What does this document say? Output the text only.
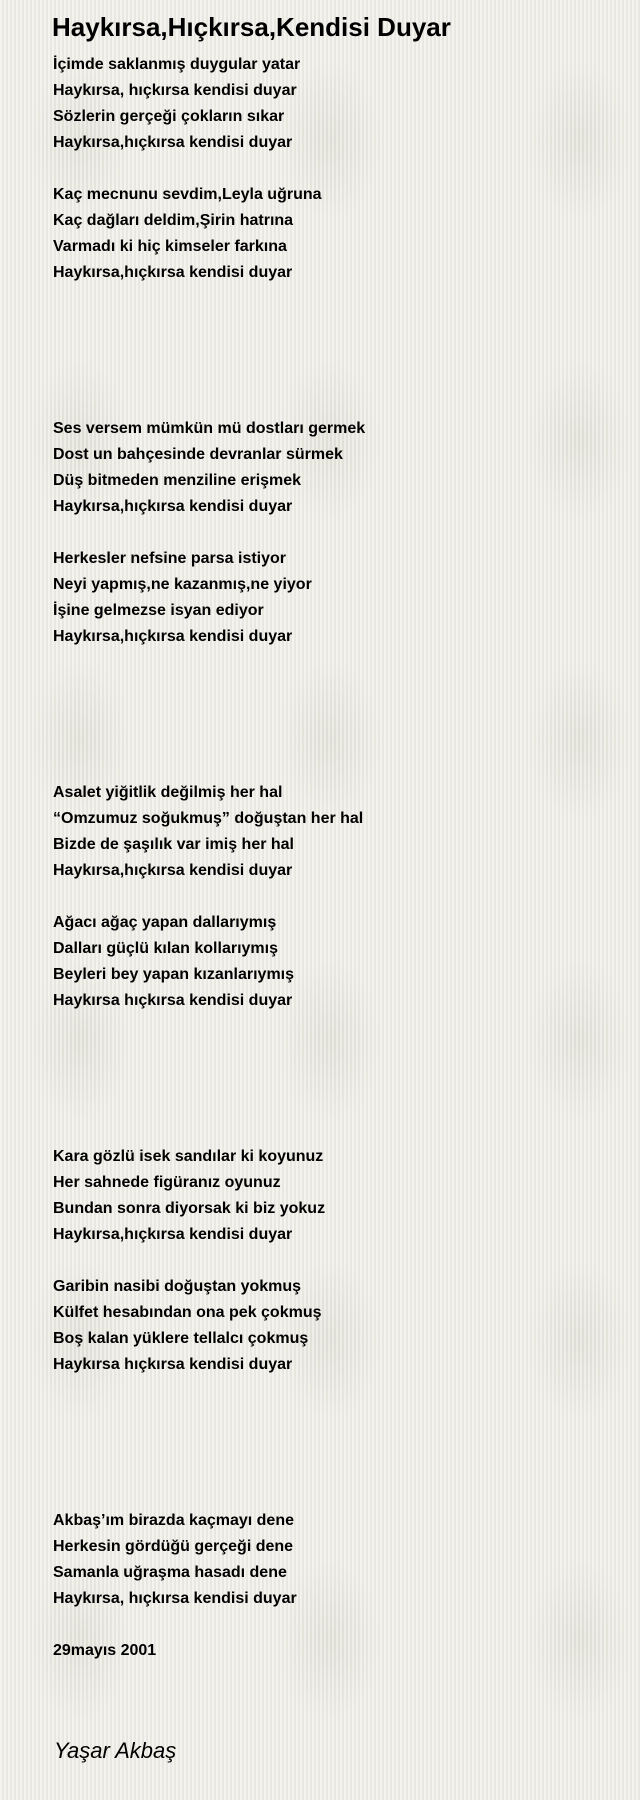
Haykırsa,Hıçkırsa,Kendisi Duyar
İçimde saklanmış duygular yatar
Haykırsa, hıçkırsa kendisi duyar
Sözlerin gerçeği çokların sıkar
Haykırsa,hıçkırsa kendisi duyar
Kaç mecnunu sevdim,Leyla uğruna
Kaç dağları deldim,Şirin hatrına
Varmadı ki hiç kimseler farkına
Haykırsa,hıçkırsa kendisi duyar
Ses versem mümkün mü dostları germek
Dost un bahçesinde devranlar sürmek
Düş bitmeden menziline erişmek
Haykırsa,hıçkırsa kendisi duyar
Herkesler nefsine parsa istiyor
Neyi yapmış,ne kazanmış,ne yiyor
İşine gelmezse isyan ediyor
Haykırsa,hıçkırsa kendisi duyar
Asalet yiğitlik değilmiş her hal
“Omzumuz soğukmuş” doğuştan her hal
Bizde de şaşılık var imiş her hal
Haykırsa,hıçkırsa kendisi duyar
Ağacı ağaç yapan dallarıymış
Dalları güçlü kılan kollarıymış
Beyleri bey yapan kızanlarıymış
Haykırsa hıçkırsa kendisi duyar
Kara gözlü isek sandılar ki koyunuz
Her sahnede figüranız oyunuz
Bundan sonra diyorsak ki biz yokuz
Haykırsa,hıçkırsa kendisi duyar
Garibin nasibi doğuştan yokmuş
Külfet hesabından ona pek çokmuş
Boş kalan yüklere tellalcı çokmuş
Haykırsa hıçkırsa kendisi duyar
Akbaş’ım birazda kaçmayı dene
Herkesin gördüğü gerçeği dene
Samanla uğraşma hasadı dene
Haykırsa, hıçkırsa kendisi duyar
29mayıs 2001
Yaşar Akbaş
